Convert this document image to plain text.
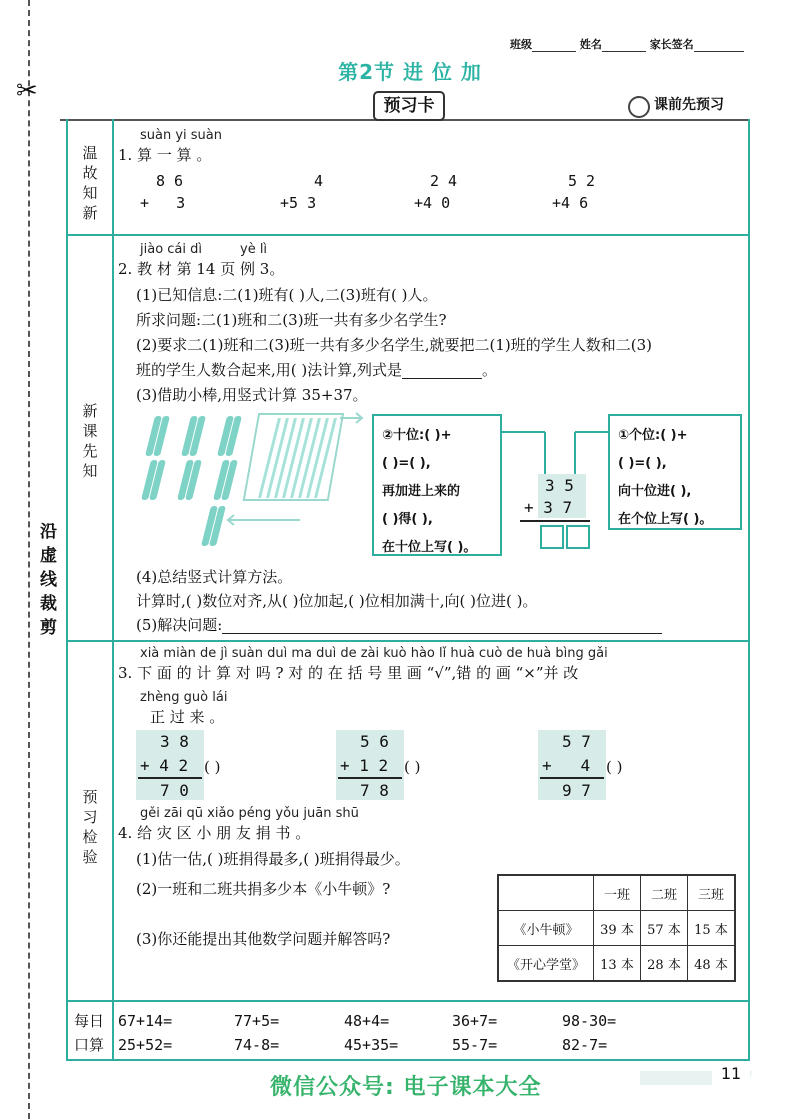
✂
沿虚线裁剪
班级	姓名	家长签名
第2节 进 位 加
预习卡	课前先预习
温故知新
新课先知
预习检验
每日
口算
suàn yi suàn
1. 算 一 算 。
8 6
+   3
4
+5 3
2 4
+4 0
5 2
+4 6
jiào cái dì	yè lì
2. 教 材 第 14 页 例 3。
(1)已知信息:二(1)班有( )人,二(3)班有( )人。
所求问题:二(1)班和二(3)班一共有多少名学生?
(2)要求二(1)班和二(3)班一共有多少名学生,就要把二(1)班的学生人数和二(3)
班的学生人数合起来,用( )法计算,列式是	。
(3)借助小棒,用竖式计算 35+37。
②十位:( )+
( )=( ),
再加进上来的
( )得( ),
在十位上写( )。
①个位:( )+
( )=( ),
向十位进( ),
在个位上写( )。
3 5
+ 3 7
(4)总结竖式计算方法。
计算时,( )数位对齐,从( )位加起,( )位相加满十,向( )位进( )。
(5)解决问题:
xià miàn de jì suàn duì ma duì de zài kuò hào lǐ huà cuò de huà bìng gǎi
3. 下 面 的 计 算 对 吗 ? 对 的 在 括 号 里 画 “√”,错 的 画 “×”并 改
zhèng guò lái
正 过 来 。
3 8
+ 4 2
7 0
( )
5 6
+ 1 2
7 8
( )
5 7
+   4
9 7
( )
gěi zāi qū xiǎo péng yǒu juān shū
4. 给 灾 区 小 朋 友 捐 书 。
(1)估一估,( )班捐得最多,( )班捐得最少。
(2)一班和二班共捐多少本《小牛顿》?
(3)你还能提出其他数学问题并解答吗?
	一班	二班	三班
《小牛顿》	39 本	57 本	15 本
《开心学堂》	13 本	28 本	48 本
67+14=	77+5=	48+4=	36+7=	98-30=
25+52=	74-8=	45+35=	55-7=	82-7=
11
微信公众号: 电子课本大全
